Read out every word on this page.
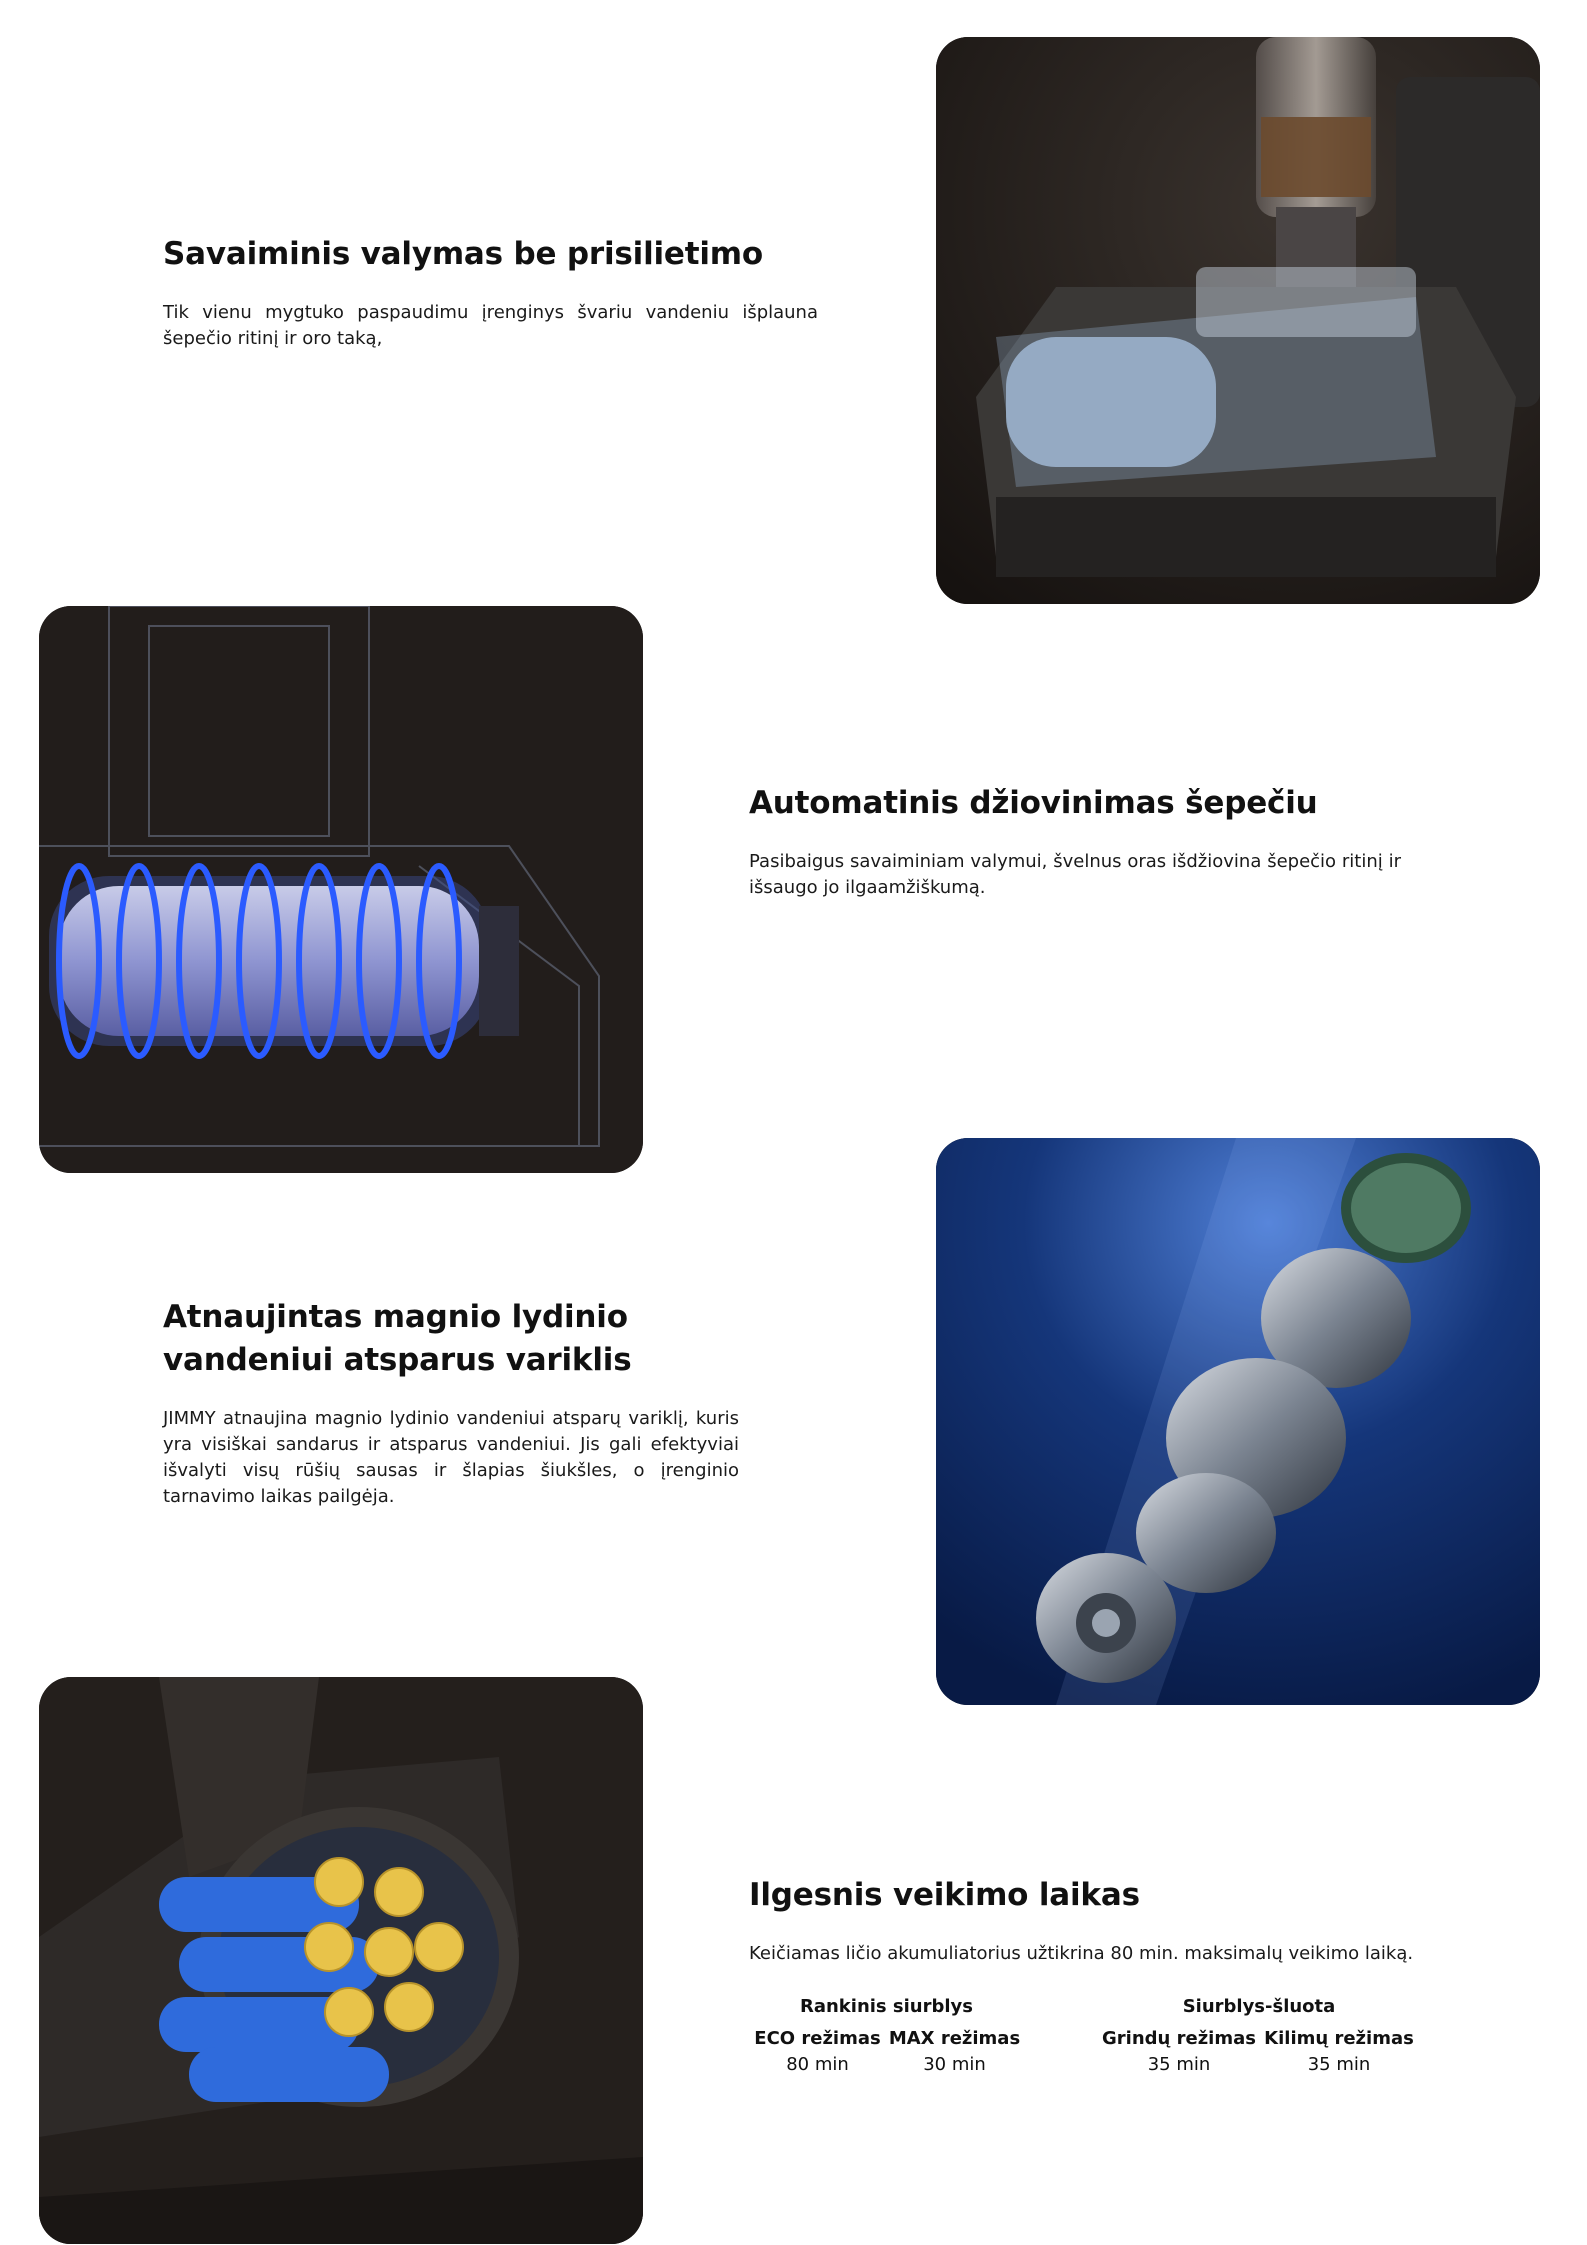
Savaiminis valymas be prisilietimo

Tik vienu mygtuko paspaudimu įrenginys švariu vandeniu išplauna šepečio ritinį ir oro taką,

Automatinis džiovinimas šepečiu

Pasibaigus savaiminiam valymui, švelnus oras išdžiovina šepečio ritinį ir išsaugo jo ilgaamžiškumą.

Atnaujintas magnio lydinio vandeniui atsparus variklis

JIMMY atnaujina magnio lydinio vandeniui atsparų variklį, kuris yra visiškai sandarus ir atsparus vandeniui. Jis gali efektyviai išvalyti visų rūšių sausas ir šlapias šiukšles, o įrenginio tarnavimo laikas pailgėja.

Ilgesnis veikimo laikas

Keičiamas ličio akumuliatorius užtikrina 80 min. maksimalų veikimo laiką.

Rankinis siurblys
ECO režimas
80 min
MAX režimas
30 min
Siurblys-šluota
Grindų režimas
35 min
Kilimų režimas
35 min
